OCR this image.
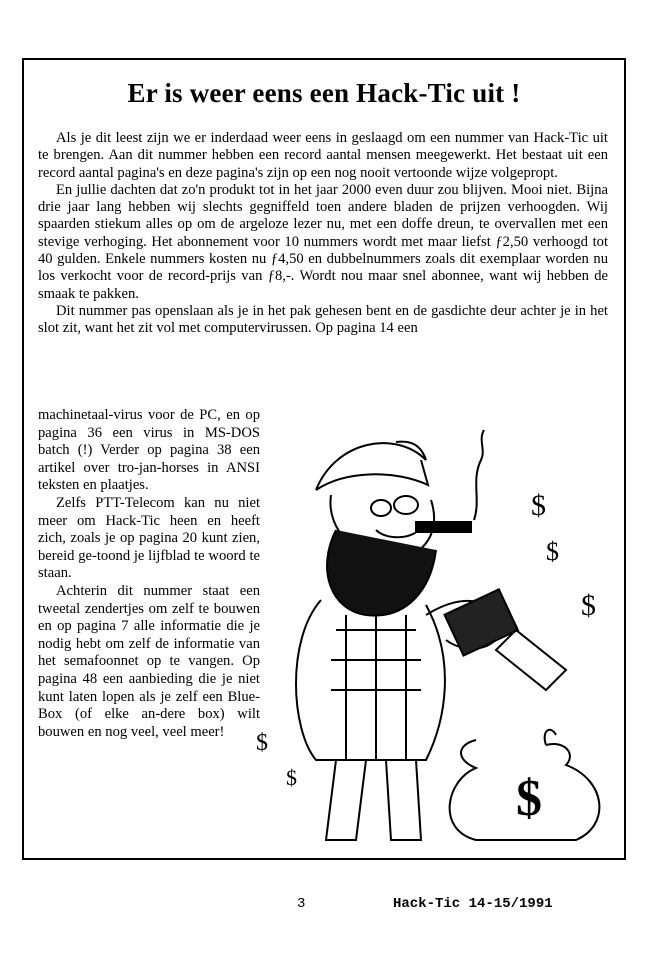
Er is weer eens een Hack-Tic uit !

Als je dit leest zijn we er inderdaad weer eens in geslaagd om een nummer van Hack-Tic uit te brengen. Aan dit nummer hebben een record aantal mensen meegewerkt. Het bestaat uit een record aantal pagina's en deze pagina's zijn op een nog nooit vertoonde wijze volgepropt.

En jullie dachten dat zo'n produkt tot in het jaar 2000 even duur zou blijven. Mooi niet. Bijna drie jaar lang hebben wij slechts gegniffeld toen andere bladen de prijzen verhoogden. Wij spaarden stiekum alles op om de argeloze lezer nu, met een doffe dreun, te overvallen met een stevige verhoging. Het abonnement voor 10 nummers wordt met maar liefst ƒ2,50 verhoogd tot 40 gulden. Enkele nummers kosten nu ƒ4,50 en dubbelnummers zoals dit exemplaar worden nu los verkocht voor de record-prijs van ƒ8,-. Wordt nou maar snel abonnee, want wij hebben de smaak te pakken.

Dit nummer pas openslaan als je in het pak gehesen bent en de gasdichte deur achter je in het slot zit, want het zit vol met computervirussen. Op pagina 14 een

machinetaal-virus voor de PC, en op pagina 36 een virus in MS-DOS batch (!) Verder op pagina 38 een artikel over tro-jan-horses in ANSI teksten en plaatjes.

Zelfs PTT-Telecom kan nu niet meer om Hack-Tic heen en heeft zich, zoals je op pagina 20 kunt zien, bereid ge-toond je lijfblad te woord te staan.

Achterin dit nummer staat een tweetal zendertjes om zelf te bouwen en op pagina 7 alle informatie die je nodig hebt om zelf de informatie van het semafoonnet op te vangen. Op pagina 48 een aanbieding die je niet kunt laten lopen als je zelf een Blue-Box (of elke an-dere box) wilt bouwen en nog veel, veel meer!

$
$
$
$
$
$
3	Hack-Tic 14-15/1991
